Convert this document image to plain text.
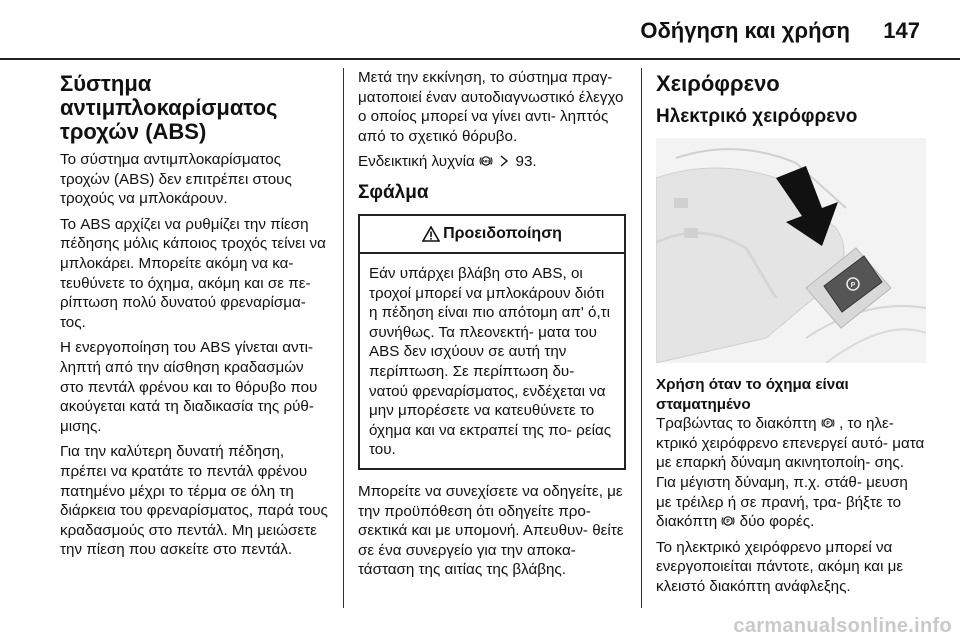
Οδήγηση και χρήση 147
Σύστημα αντιμπλοκαρίσματος τροχών (ABS)

Το σύστημα αντιμπλοκαρίσματος τροχών (ABS) δεν επιτρέπει στους τροχούς να μπλοκάρουν.

Το ABS αρχίζει να ρυθμίζει την πίεση πέδησης μόλις κάποιος τροχός τείνει να μπλοκάρει. Μπορείτε ακόμη να κα- τευθύνετε το όχημα, ακόμη και σε πε- ρίπτωση πολύ δυνατού φρεναρίσμα- τος.

Η ενεργοποίηση του ABS γίνεται αντι- ληπτή από την αίσθηση κραδασμών στο πεντάλ φρένου και το θόρυβο που ακούγεται κατά τη διαδικασία της ρύθ- μισης.

Για την καλύτερη δυνατή πέδηση, πρέπει να κρατάτε το πεντάλ φρένου πατημένο μέχρι το τέρμα σε όλη τη διάρκεια του φρεναρίσματος, παρά τους κραδασμούς στο πεντάλ. Μη μειώσετε την πίεση που ασκείτε στο πεντάλ.

Μετά την εκκίνηση, το σύστημα πραγ- ματοποιεί έναν αυτοδιαγνωστικό έλεγχο ο οποίος μπορεί να γίνει αντι- ληπτός από το σχετικό θόρυβο.

Ενδεικτική λυχνία ABS 93.

Σφάλμα
Προειδοποίηση
Εάν υπάρχει βλάβη στο ABS, οι τροχοί μπορεί να μπλοκάρουν διότι η πέδηση είναι πιο απότομη απ' ό,τι συνήθως. Τα πλεονεκτή- ματα του ABS δεν ισχύουν σε αυτή την περίπτωση. Σε περίπτωση δυ- νατού φρεναρίσματος, ενδέχεται να μην μπορέσετε να κατευθύνετε το όχημα και να εκτραπεί της πο- ρείας του.

Μπορείτε να συνεχίσετε να οδηγείτε, με την προϋπόθεση ότι οδηγείτε προ- σεκτικά και με υπομονή. Απευθυν- θείτε σε ένα συνεργείο για την αποκα- τάσταση της αιτίας της βλάβης.

Χειρόφρενο
Ηλεκτρικό χειρόφρενο
P
Χρήση όταν το όχημα είναι σταματημένο

Τραβώντας το διακόπτη P , το ηλε- κτρικό χειρόφρενο επενεργεί αυτό- ματα με επαρκή δύναμη ακινητοποίη- σης. Για μέγιστη δύναμη, π.χ. στάθ- μευση με τρέιλερ ή σε πρανή, τρα- βήξτε το διακόπτη P δύο φορές.

Το ηλεκτρικό χειρόφρενο μπορεί να ενεργοποιείται πάντοτε, ακόμη και με κλειστό διακόπτη ανάφλεξης.

carmanualsonline.info
